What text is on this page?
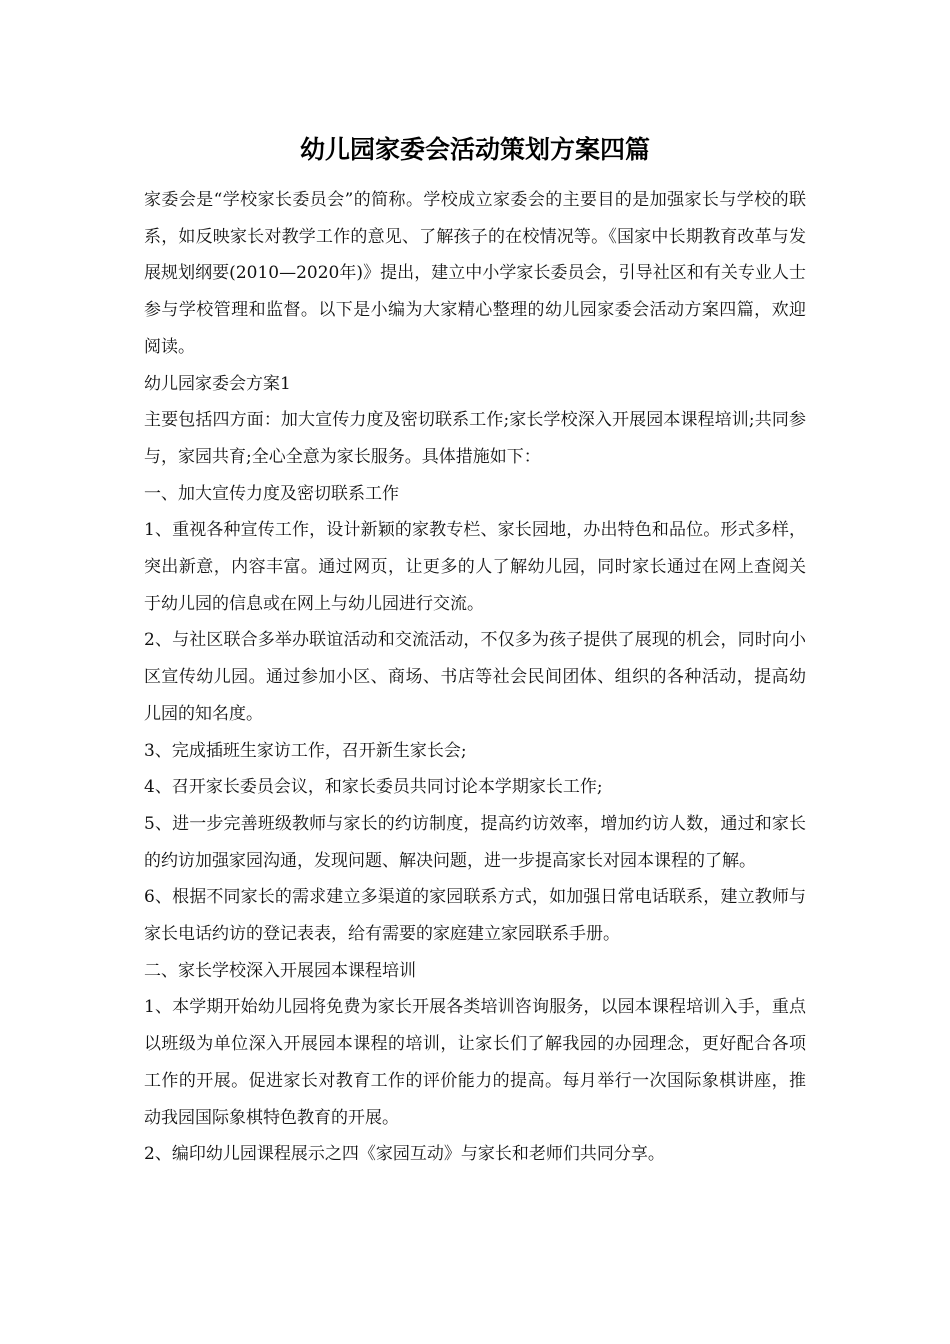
幼儿园家委会活动策划方案四篇

家委会是“学校家长委员会”的简称。学校成立家委会的主要目的是加强家长与学校的联系，如反映家长对教学工作的意见、了解孩子的在校情况等。《国家中长期教育改革与发展规划纲要(2010—2020年)》提出，建立中小学家长委员会，引导社区和有关专业人士参与学校管理和监督。以下是小编为大家精心整理的幼儿园家委会活动方案四篇，欢迎阅读。

幼儿园家委会方案1

主要包括四方面：加大宣传力度及密切联系工作;家长学校深入开展园本课程培训;共同参与，家园共育;全心全意为家长服务。具体措施如下：

一、加大宣传力度及密切联系工作

1、重视各种宣传工作，设计新颖的家教专栏、家长园地，办出特色和品位。形式多样，突出新意，内容丰富。通过网页，让更多的人了解幼儿园，同时家长通过在网上查阅关于幼儿园的信息或在网上与幼儿园进行交流。

2、与社区联合多举办联谊活动和交流活动，不仅多为孩子提供了展现的机会，同时向小区宣传幼儿园。通过参加小区、商场、书店等社会民间团体、组织的各种活动，提高幼儿园的知名度。

3、完成插班生家访工作，召开新生家长会;

4、召开家长委员会议，和家长委员共同讨论本学期家长工作;

5、进一步完善班级教师与家长的约访制度，提高约访效率，增加约访人数，通过和家长的约访加强家园沟通，发现问题、解决问题，进一步提高家长对园本课程的了解。

6、根据不同家长的需求建立多渠道的家园联系方式，如加强日常电话联系，建立教师与家长电话约访的登记表表，给有需要的家庭建立家园联系手册。

二、家长学校深入开展园本课程培训

1、本学期开始幼儿园将免费为家长开展各类培训咨询服务，以园本课程培训入手，重点以班级为单位深入开展园本课程的培训，让家长们了解我园的办园理念，更好配合各项工作的开展。促进家长对教育工作的评价能力的提高。每月举行一次国际象棋讲座，推动我园国际象棋特色教育的开展。

2、编印幼儿园课程展示之四《家园互动》与家长和老师们共同分享。
